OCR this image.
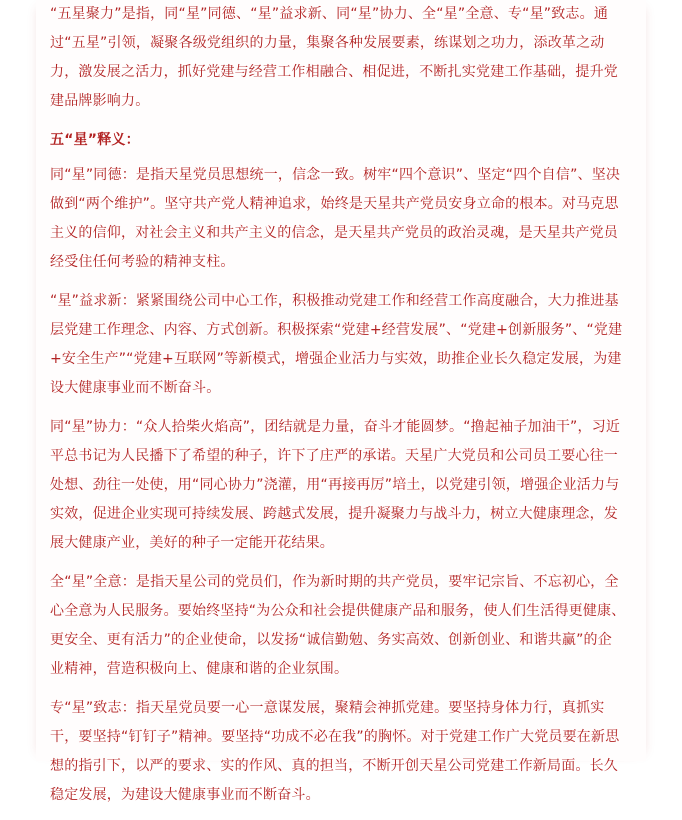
“五星聚力”是指，同“星”同德、“星”益求新、同“星”协力、全“星”全意、专“星”致志。通过“五星”引领，凝聚各级党组织的力量，集聚各种发展要素，练谋划之功力，添改革之动力，激发展之活力，抓好党建与经营工作相融合、相促进，不断扎实党建工作基础，提升党建品牌影响力。

五“星”释义：

同“星”同德：是指天星党员思想统一，信念一致。树牢“四个意识”、坚定“四个自信”、坚决做到“两个维护”。坚守共产党人精神追求，始终是天星共产党员安身立命的根本。对马克思主义的信仰，对社会主义和共产主义的信念，是天星共产党员的政治灵魂，是天星共产党员经受住任何考验的精神支柱。

“星”益求新：紧紧围绕公司中心工作，积极推动党建工作和经营工作高度融合，大力推进基层党建工作理念、内容、方式创新。积极探索“党建+经营发展”、“党建+创新服务”、“党建+安全生产”“党建+互联网”等新模式，增强企业活力与实效，助推企业长久稳定发展，为建设大健康事业而不断奋斗。

同“星”协力：“众人拾柴火焰高”，团结就是力量，奋斗才能圆梦。“撸起袖子加油干”，习近平总书记为人民播下了希望的种子，许下了庄严的承诺。天星广大党员和公司员工要心往一处想、劲往一处使，用“同心协力”浇灌，用“再接再厉”培土，以党建引领，增强企业活力与实效，促进企业实现可持续发展、跨越式发展，提升凝聚力与战斗力，树立大健康理念，发展大健康产业，美好的种子一定能开花结果。

全“星”全意：是指天星公司的党员们，作为新时期的共产党员，要牢记宗旨、不忘初心，全心全意为人民服务。要始终坚持“为公众和社会提供健康产品和服务，使人们生活得更健康、更安全、更有活力”的企业使命，以发扬“诚信勤勉、务实高效、创新创业、和谐共赢”的企业精神，营造积极向上、健康和谐的企业氛围。

专“星”致志：指天星党员要一心一意谋发展，聚精会神抓党建。要坚持身体力行，真抓实干，要坚持“钉钉子”精神。要坚持“功成不必在我”的胸怀。对于党建工作广大党员要在新思想的指引下，以严的要求、实的作风、真的担当，不断开创天星公司党建工作新局面。长久稳定发展，为建设大健康事业而不断奋斗。
